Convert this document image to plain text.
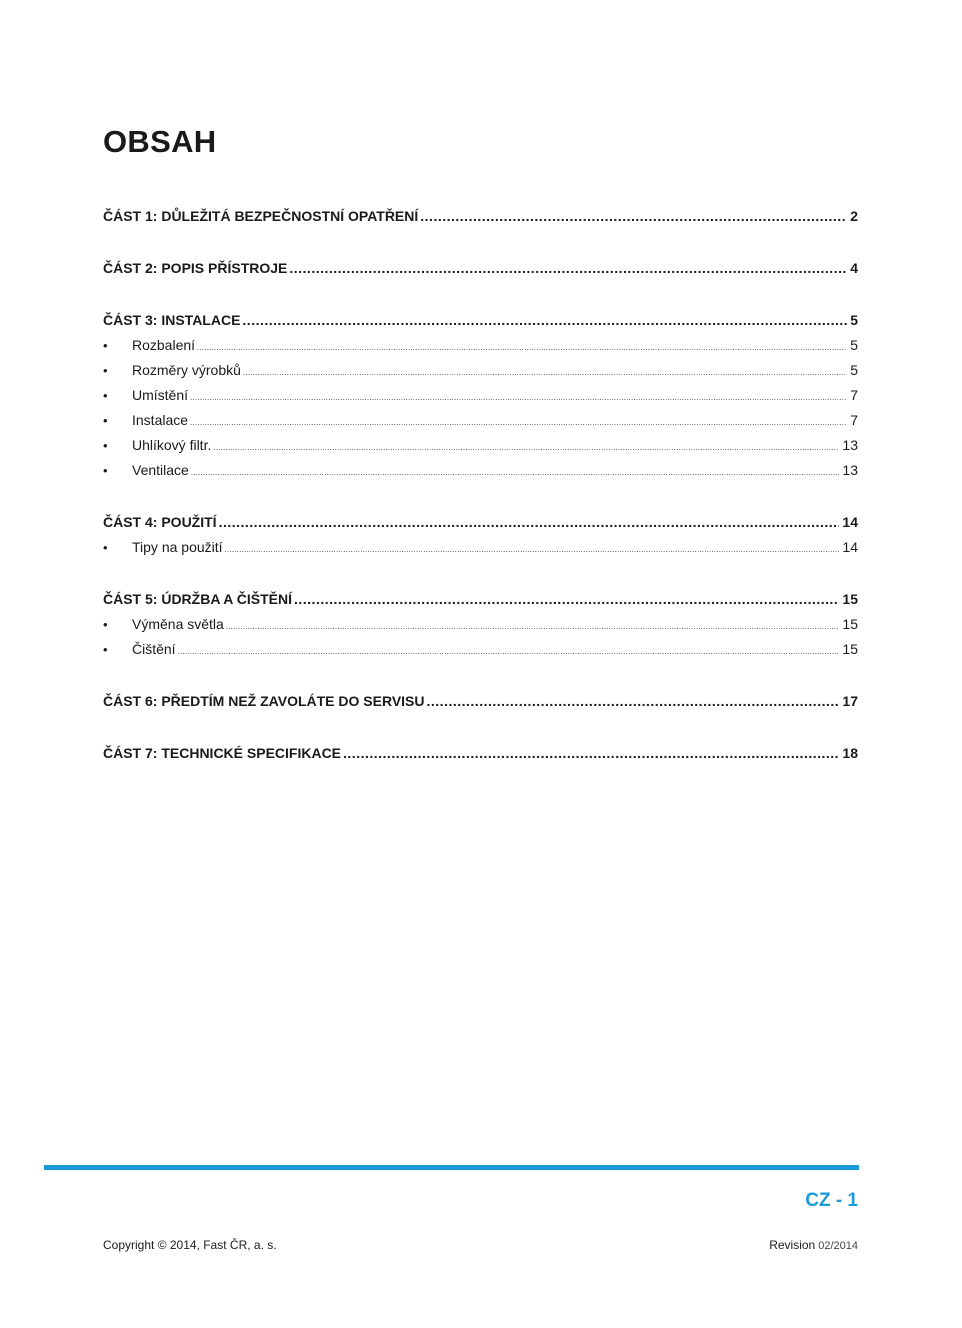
OBSAH
ČÁST 1: DŮLEŽITÁ BEZPEČNOSTNÍ OPATŘENÍ .....	2
ČÁST 2: POPIS PŘÍSTROJE .....	4
ČÁST 3: INSTALACE .....	5
•	Rozbalení .....	5
•	Rozměry výrobků .....	5
•	Umístění .....	7
•	Instalace .....	7
•	Uhlíkový filtr. .....	13
•	Ventilace .....	13
ČÁST 4: POUŽITÍ .....	14
•	Tipy na použití .....	14
ČÁST 5: ÚDRŽBA A ČIŠTĚNÍ .....	15
•	Výměna světla .....	15
•	Čištění .....	15
ČÁST 6: PŘEDTÍM NEŽ ZAVOLÁTE DO SERVISU .....	17
ČÁST 7: TECHNICKÉ SPECIFIKACE .....	18
CZ - 1
Copyright © 2014, Fast ČR, a. s.	Revision 02/2014
